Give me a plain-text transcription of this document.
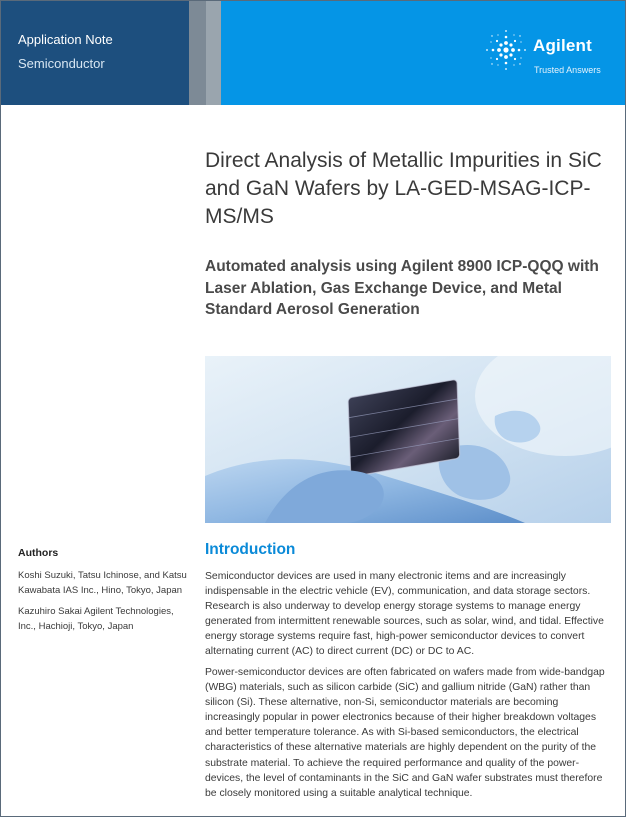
Application Note
Semiconductor
Agilent
Trusted Answers
Direct Analysis of Metallic Impurities in SiC and GaN Wafers by LA-GED-MSAG-ICP-MS/MS
Automated analysis using Agilent 8900 ICP-QQQ with Laser Ablation, Gas Exchange Device, and Metal Standard Aerosol Generation
Authors

Koshi Suzuki, Tatsu Ichinose, and Katsu Kawabata IAS Inc., Hino, Tokyo, Japan

Kazuhiro Sakai Agilent Technologies, Inc., Hachioji, Tokyo, Japan

Introduction

Semiconductor devices are used in many electronic items and are increasingly indispensable in the electric vehicle (EV), communication, and data storage sectors. Research is also underway to develop energy storage systems to manage energy generated from intermittent renewable sources, such as solar, wind, and tidal. Effective energy storage systems require fast, high-power semiconductor devices to convert alternating current (AC) to direct current (DC) or DC to AC.

Power-semiconductor devices are often fabricated on wafers made from wide-bandgap (WBG) materials, such as silicon carbide (SiC) and gallium nitride (GaN) rather than silicon (Si). These alternative, non-Si, semiconductor materials are becoming increasingly popular in power electronics because of their higher breakdown voltages and better temperature tolerance. As with Si-based semiconductors, the electrical characteristics of these alternative materials are highly dependent on the purity of the substrate material. To achieve the required performance and quality of the power-devices, the level of contaminants in the SiC and GaN wafer substrates must therefore be closely monitored using a suitable analytical technique.
